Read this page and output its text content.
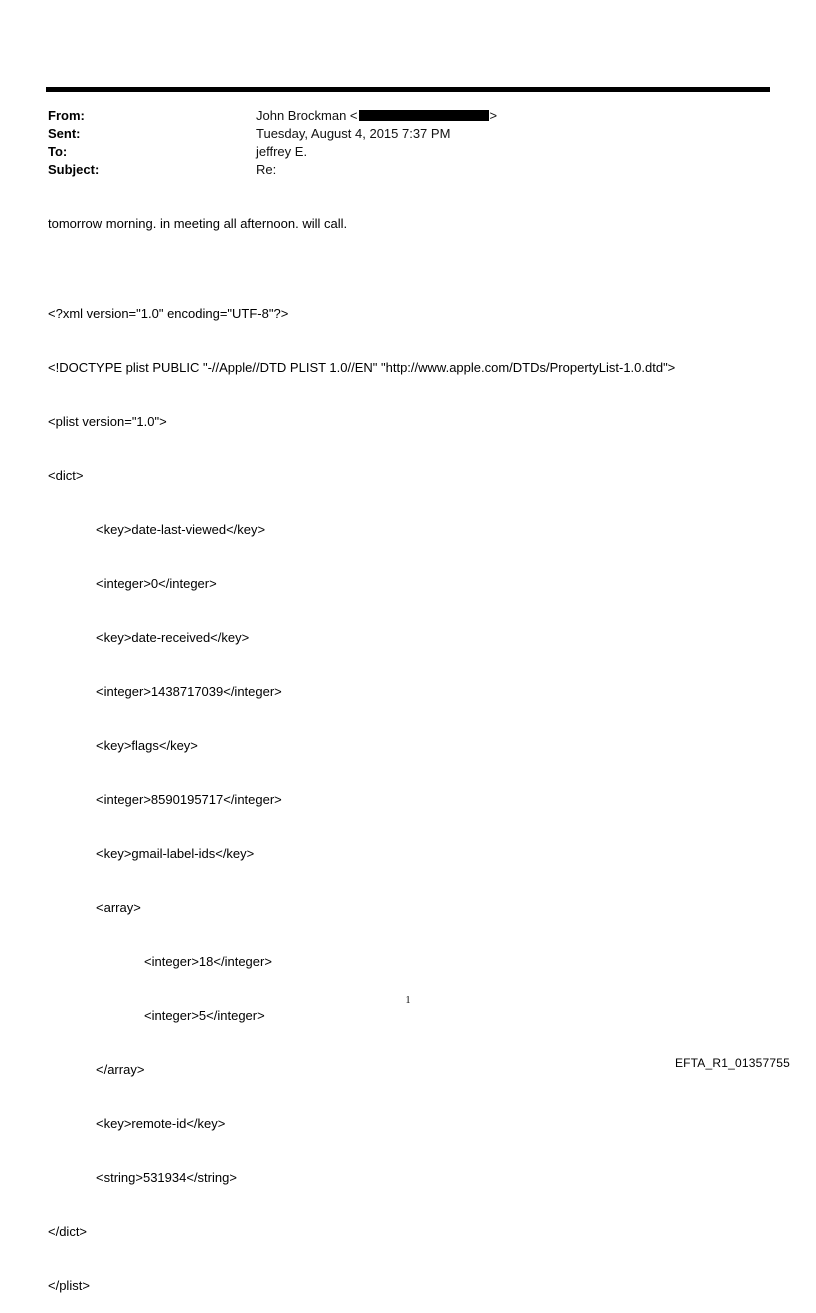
From:	John Brockman <	>
Sent:	Tuesday, August 4, 2015 7:37 PM
To:	jeffrey E.
Subject:	Re:
tomorrow morning. in meeting all afternoon. will call.

<?xml version="1.0" encoding="UTF-8"?>

<!DOCTYPE plist PUBLIC "-//Apple//DTD PLIST 1.0//EN" "http://www.apple.com/DTDs/PropertyList-1.0.dtd">

<plist version="1.0">

<dict>

<key>date-last-viewed</key>

<integer>0</integer>

<key>date-received</key>

<integer>1438717039</integer>

<key>flags</key>

<integer>8590195717</integer>

<key>gmail-label-ids</key>

<array>

<integer>18</integer>

<integer>5</integer>

</array>

<key>remote-id</key>

<string>531934</string>

</dict>

</plist>

1
EFTA_R1_01357755
